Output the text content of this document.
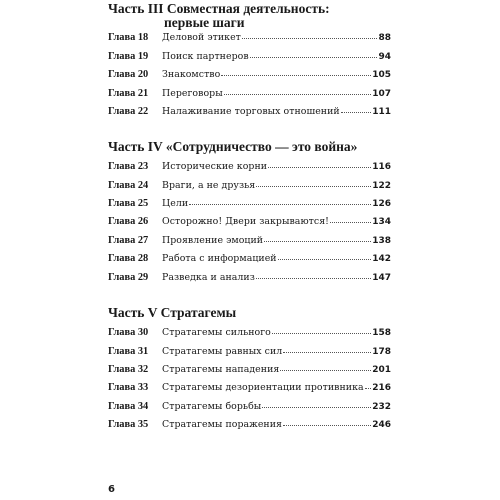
Часть III Совместная деятельность:
первые шаги
Глава 18	Деловой этикет	88
Глава 19	Поиск партнеров	94
Глава 20	Знакомство	105
Глава 21	Переговоры	107
Глава 22	Налаживание торговых отношений	111
Часть IV «Сотрудничество — это война»
Глава 23	Исторические корни	116
Глава 24	Враги, а не друзья	122
Глава 25	Цели	126
Глава 26	Осторожно! Двери закрываются!	134
Глава 27	Проявление эмоций	138
Глава 28	Работа с информацией	142
Глава 29	Разведка и анализ	147
Часть V Стратагемы
Глава 30	Стратагемы сильного	158
Глава 31	Стратагемы равных сил	178
Глава 32	Стратагемы нападения	201
Глава 33	Стратагемы дезориентации противника 216
Глава 34	Стратагемы борьбы	232
Глава 35	Стратагемы поражения	246
6
